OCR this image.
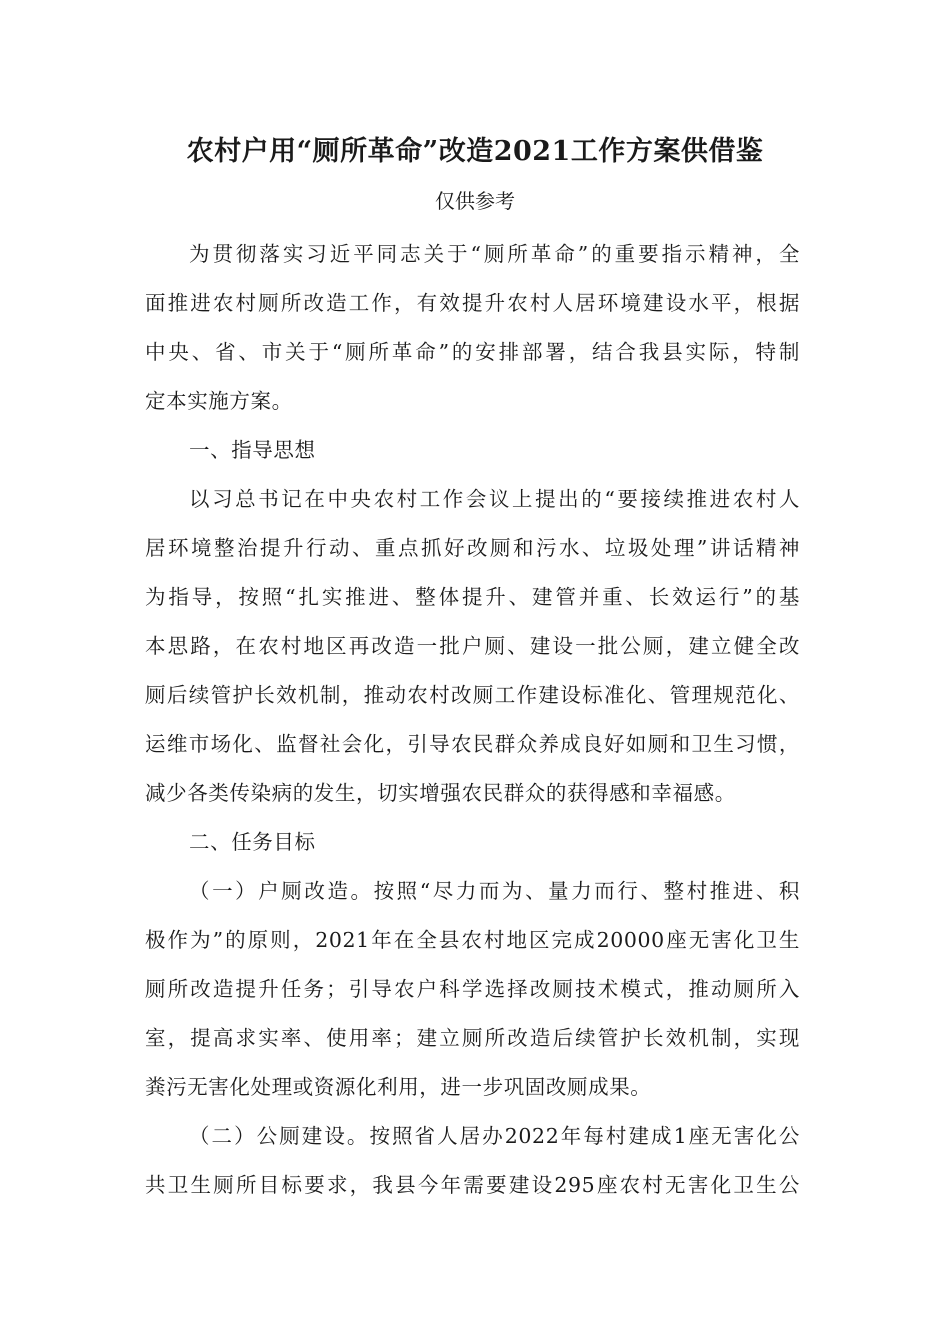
农村户用“厕所革命”改造2021工作方案供借鉴
仅供参考
为贯彻落实习近平同志关于“厕所革命”的重要指示精神，全
面推进农村厕所改造工作，有效提升农村人居环境建设水平，根据
中央、省、市关于“厕所革命”的安排部署，结合我县实际，特制
定本实施方案。
一、指导思想
以习总书记在中央农村工作会议上提出的“要接续推进农村人
居环境整治提升行动、重点抓好改厕和污水、垃圾处理”讲话精神
为指导，按照“扎实推进、整体提升、建管并重、长效运行”的基
本思路，在农村地区再改造一批户厕、建设一批公厕，建立健全改
厕后续管护长效机制，推动农村改厕工作建设标准化、管理规范化、
运维市场化、监督社会化，引导农民群众养成良好如厕和卫生习惯，
减少各类传染病的发生，切实增强农民群众的获得感和幸福感。
二、任务目标
（一）户厕改造。按照“尽力而为、量力而行、整村推进、积
极作为”的原则，2021年在全县农村地区完成20000座无害化卫生
厕所改造提升任务；引导农户科学选择改厕技术模式，推动厕所入
室，提高求实率、使用率；建立厕所改造后续管护长效机制，实现
粪污无害化处理或资源化利用，进一步巩固改厕成果。
（二）公厕建设。按照省人居办2022年每村建成1座无害化公
共卫生厕所目标要求，我县今年需要建设295座农村无害化卫生公
